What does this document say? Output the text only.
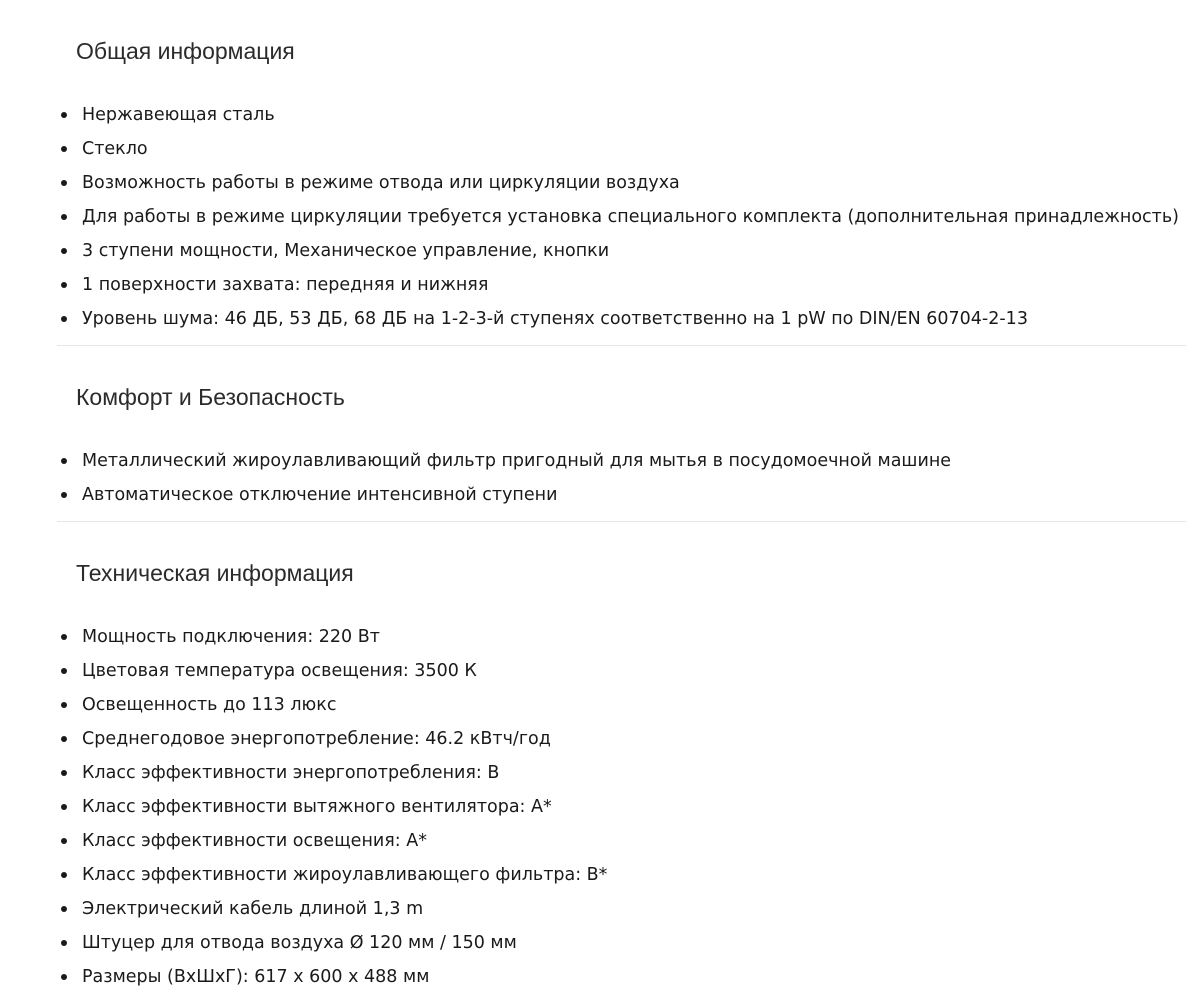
Общая информация
Нержавеющая сталь
Стекло
Возможность работы в режиме отвода или циркуляции воздуха
Для работы в режиме циркуляции требуется установка специального комплекта (дополнительная принадлежность)
3 ступени мощности, Механическое управление, кнопки
1 поверхности захвата: передняя и нижняя
Уровень шума: 46 ДБ, 53 ДБ, 68 ДБ на 1-2-3-й ступенях соответственно на 1 pW по DIN/EN 60704-2-13
Комфорт и Безопасность
Металлический жироулавливающий фильтр пригодный для мытья в посудомоечной машине
Автоматическое отключение интенсивной ступени
Техническая информация
Мощность подключения: 220 Вт
Цветовая температура освещения: 3500 К
Освещенность до 113 люкс
Среднегодовое энергопотребление: 46.2 кВтч/год
Класс эффективности энергопотребления: B
Класс эффективности вытяжного вентилятора: A*
Класс эффективности освещения: A*
Класс эффективности жироулавливающего фильтра: B*
Электрический кабель длиной 1,3 m
Штуцер для отвода воздуха Ø 120 мм / 150 мм
Размеры (ВхШхГ): 617 x 600 x 488 мм
